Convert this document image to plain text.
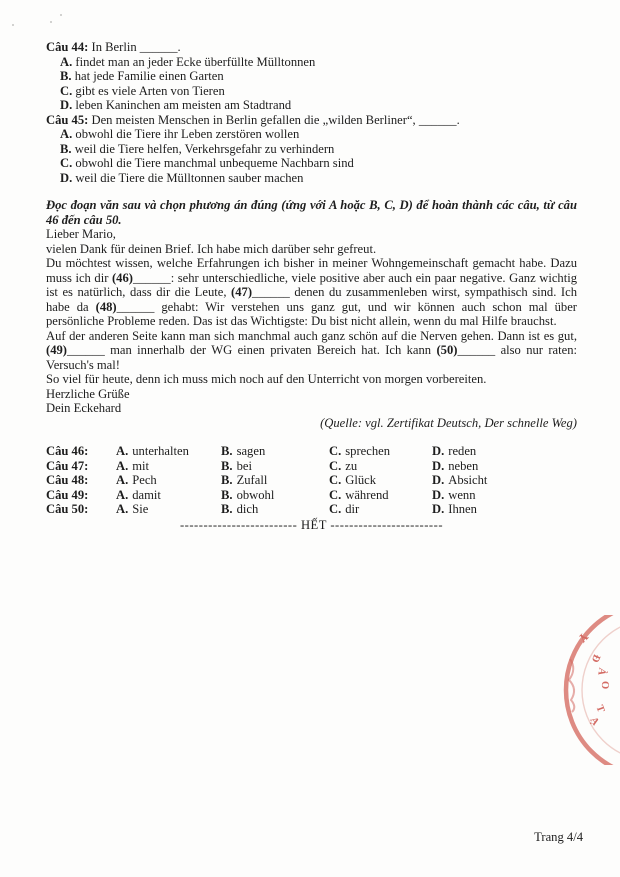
Câu 44: In Berlin ______.

A. findet man an jeder Ecke überfüllte Mülltonnen

B. hat jede Familie einen Garten

C. gibt es viele Arten von Tieren

D. leben Kaninchen am meisten am Stadtrand

Câu 45: Den meisten Menschen in Berlin gefallen die „wilden Berliner“, ______.

A. obwohl die Tiere ihr Leben zerstören wollen

B. weil die Tiere helfen, Verkehrsgefahr zu verhindern

C. obwohl die Tiere manchmal unbequeme Nachbarn sind

D. weil die Tiere die Mülltonnen sauber machen

Đọc đoạn văn sau và chọn phương án đúng (ứng với A hoặc B, C, D) để hoàn thành các câu, từ câu 46 đến câu 50.

Lieber Mario,

vielen Dank für deinen Brief. Ich habe mich darüber sehr gefreut.

Du möchtest wissen, welche Erfahrungen ich bisher in meiner Wohngemeinschaft gemacht habe. Dazu muss ich dir (46)______: sehr unterschiedliche, viele positive aber auch ein paar negative. Ganz wichtig ist es natürlich, dass dir die Leute, (47)______ denen du zusammenleben wirst, sympathisch sind. Ich habe da (48)______ gehabt: Wir verstehen uns ganz gut, und wir können auch schon mal über persönliche Probleme reden. Das ist das Wichtigste: Du bist nicht allein, wenn du mal Hilfe brauchst.

Auf der anderen Seite kann man sich manchmal auch ganz schön auf die Nerven gehen. Dann ist es gut, (49)______ man innerhalb der WG einen privaten Bereich hat. Ich kann (50)______ also nur raten: Versuch's mal!

So viel für heute, denn ich muss mich noch auf den Unterricht von morgen vorbereiten.

Herzliche Grüße

Dein Eckehard

(Quelle: vgl. Zertifikat Deutsch, Der schnelle Weg)

Câu 46:	A. unterhalten	B. sagen	C. sprechen	D. reden
Câu 47:	A. mit	B. bei	C. zu	D. neben
Câu 48:	A. Pech	B. Zufall	C. Glück	D. Absicht
Câu 49:	A. damit	B. obwohl	C. während	D. wenn
Câu 50:	A. Sie	B. dich	C. dir	D. Ihnen

------------------------- HẾT ------------------------

Y
Đ
À
O
T
Ạ
Trang 4/4
